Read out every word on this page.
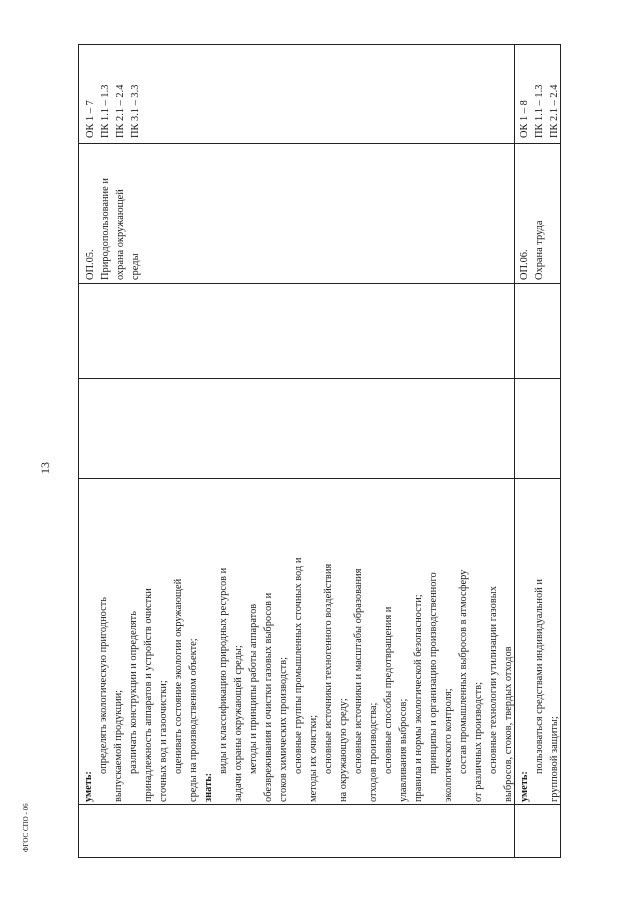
13
ФГОС СПО - 06
уметь:
определять экологическую пригодность выпускаемой продукции; различать конструкции и определять принадлежность аппаратов и устройств очистки сточных вод и газоочистки; оценивать состояние экологии окружающей среды на производственном объекте; знать:
виды и классификацию природных ресурсов и задачи охраны окружающей среды; методы и принципы работы аппаратов обезвреживания и очистки газовых выбросов и стоков химических производств; основные группы промышленных сточных вод и методы их очистки; основные источники техногенного воздействия на окружающую среду; основные источники и масштабы образования отходов производства; основные способы предотвращения и улавливания выбросов; правила и нормы экологической безопасности; принципы и организацию производственного экологического контроля; состав промышленных выбросов в атмосферу от различных производств; основные технологии утилизации газовых выбросов, стоков, твердых отходов
ОП.05. Природопользование и охрана окружающей среды
ОК 1 – 7 ПК 1.1 – 1.3 ПК 2.1 – 2.4 ПК 3.1 – 3.3
уметь:
пользоваться средствами индивидуальной и групповой защиты;
ОП.06. Охрана труда
ОК 1 – 8 ПК 1.1 – 1.3 ПК 2.1 – 2.4
